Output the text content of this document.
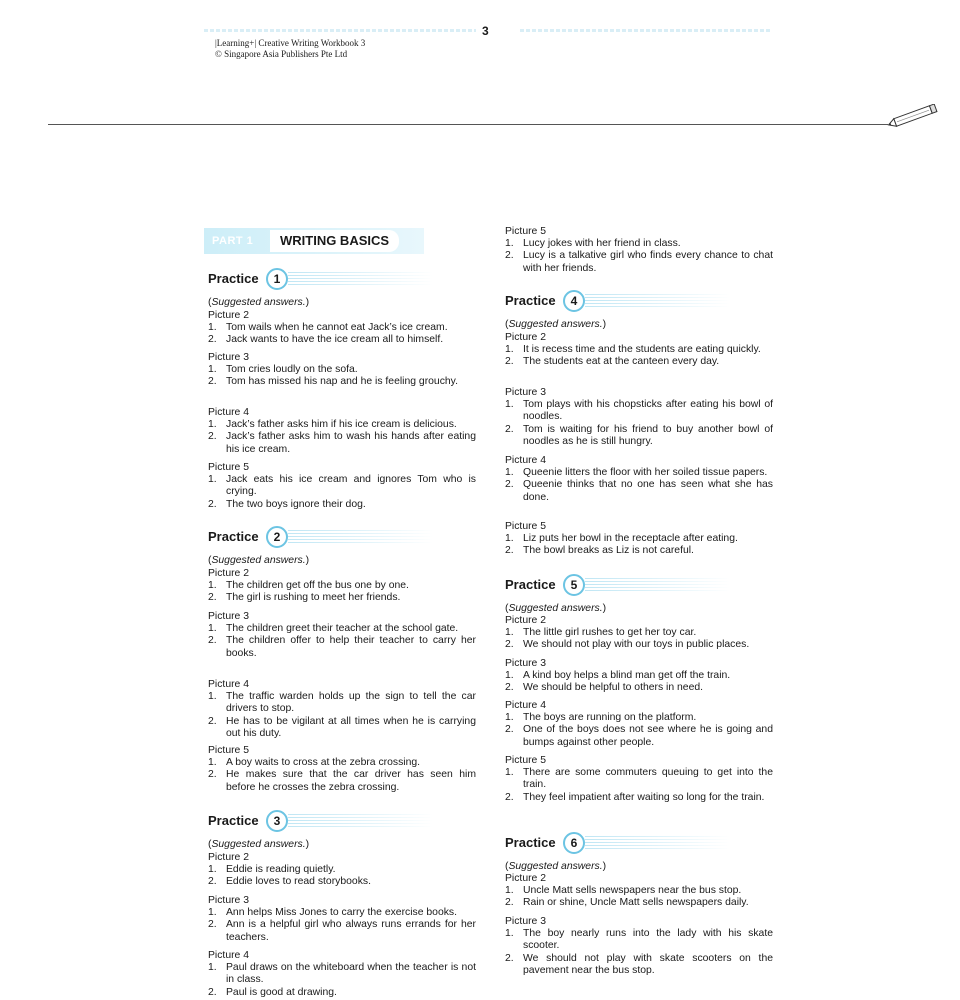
3
|Learning+| Creative Writing Workbook 3
© Singapore Asia Publishers Pte Ltd
PART 1	WRITING BASICS
Practice	1
(Suggested answers.)
Picture 2
1. Tom wails when he cannot eat Jack’s ice cream.
2. Jack wants to have the ice cream all to himself.
Picture 3
1. Tom cries loudly on the sofa.
2. Tom has missed his nap and he is feeling grouchy.
Picture 4
1. Jack’s father asks him if his ice cream is delicious.
2. Jack’s father asks him to wash his hands after eating his ice cream.
Picture 5
1. Jack eats his ice cream and ignores Tom who is crying.
2. The two boys ignore their dog.
Practice	2
(Suggested answers.)
Picture 2
1. The children get off the bus one by one.
2. The girl is rushing to meet her friends.
Picture 3
1. The children greet their teacher at the school gate.
2. The children offer to help their teacher to carry her books.
Picture 4
1. The traffic warden holds up the sign to tell the car drivers to stop.
2. He has to be vigilant at all times when he is carrying out his duty.
Picture 5
1. A boy waits to cross at the zebra crossing.
2. He makes sure that the car driver has seen him before he crosses the zebra crossing.
Practice	3
(Suggested answers.)
Picture 2
1. Eddie is reading quietly.
2. Eddie loves to read storybooks.
Picture 3
1. Ann helps Miss Jones to carry the exercise books.
2. Ann is a helpful girl who always runs errands for her teachers.
Picture 4
1. Paul draws on the whiteboard when the teacher is not in class.
2. Paul is good at drawing.
Picture 5
1. Lucy jokes with her friend in class.
2. Lucy is a talkative girl who finds every chance to chat with her friends.
Practice	4
(Suggested answers.)
Picture 2
1. It is recess time and the students are eating quickly.
2. The students eat at the canteen every day.
Picture 3
1. Tom plays with his chopsticks after eating his bowl of noodles.
2. Tom is waiting for his friend to buy another bowl of noodles as he is still hungry.
Picture 4
1. Queenie litters the floor with her soiled tissue papers.
2. Queenie thinks that no one has seen what she has done.
Picture 5
1. Liz puts her bowl in the receptacle after eating.
2. The bowl breaks as Liz is not careful.
Practice	5
(Suggested answers.)
Picture 2
1. The little girl rushes to get her toy car.
2. We should not play with our toys in public places.
Picture 3
1. A kind boy helps a blind man get off the train.
2. We should be helpful to others in need.
Picture 4
1. The boys are running on the platform.
2. One of the boys does not see where he is going and bumps against other people.
Picture 5
1. There are some commuters queuing to get into the train.
2. They feel impatient after waiting so long for the train.
Practice	6
(Suggested answers.)
Picture 2
1. Uncle Matt sells newspapers near the bus stop.
2. Rain or shine, Uncle Matt sells newspapers daily.
Picture 3
1. The boy nearly runs into the lady with his skate scooter.
2. We should not play with skate scooters on the pavement near the bus stop.
